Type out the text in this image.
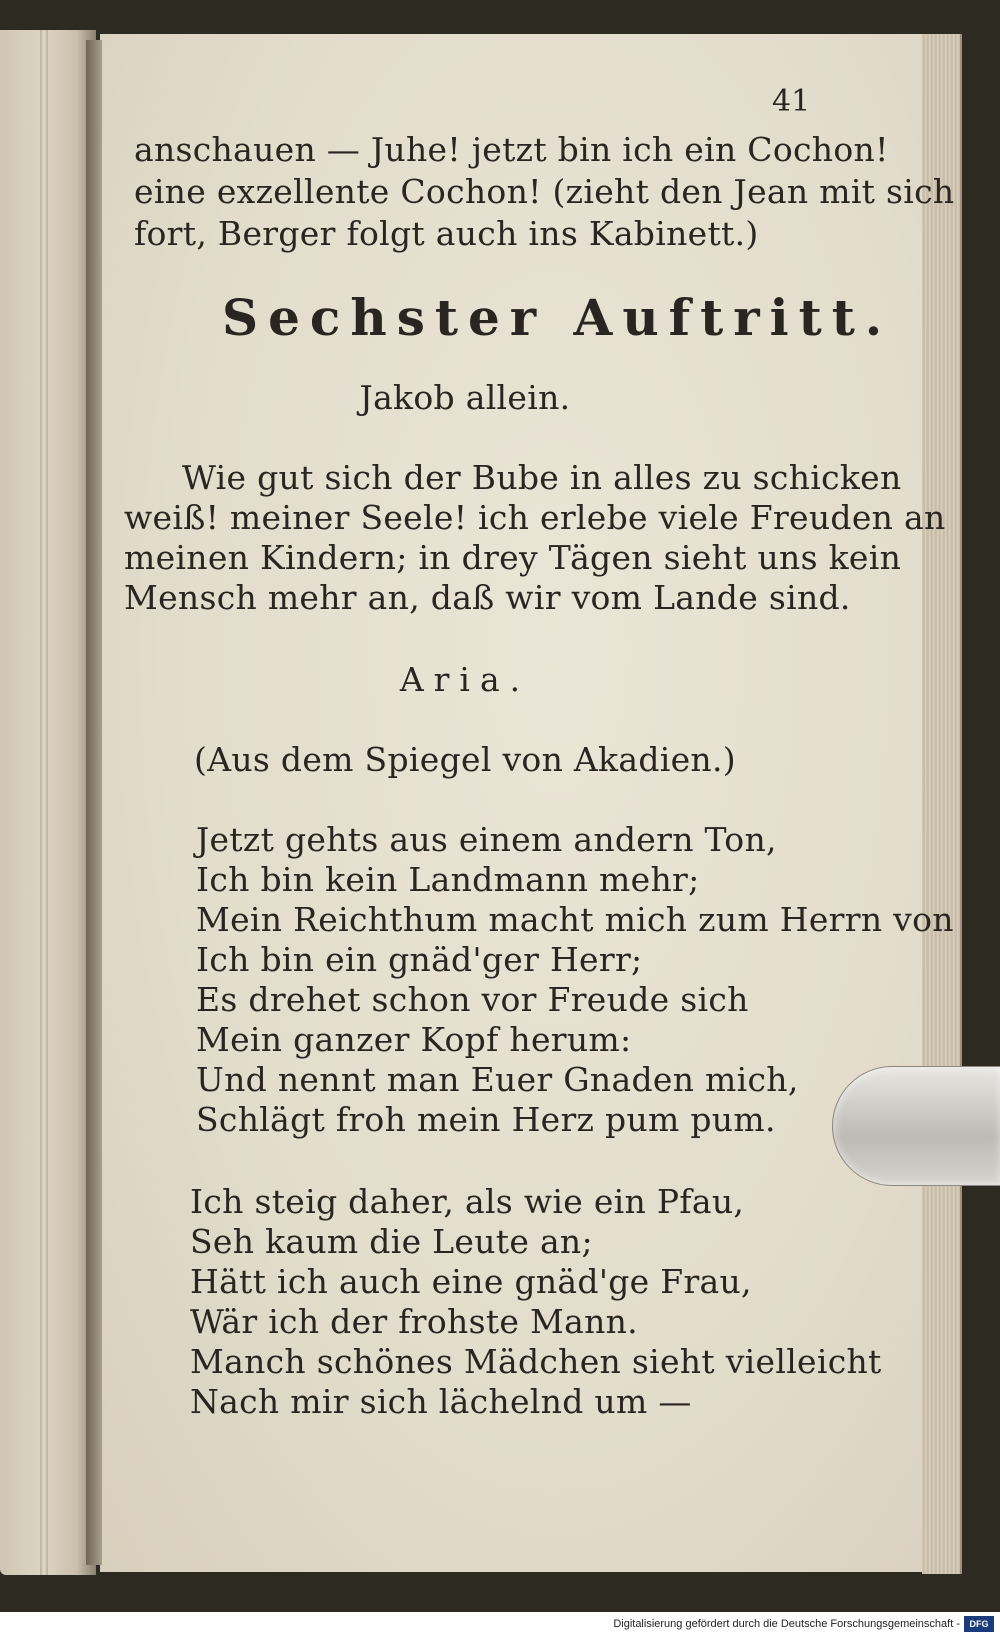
41
anschauen — Juhe! jetzt bin ich ein Cochon!
eine exzellente Cochon! (zieht den Jean mit sich
fort, Berger folgt auch ins Kabinett.)
Sechster Auftritt.
Jakob allein.
Wie gut sich der Bube in alles zu schicken
weiß! meiner Seele! ich erlebe viele Freuden an
meinen Kindern; in drey Tägen sieht uns kein
Mensch mehr an, daß wir vom Lande sind.
Aria.
(Aus dem Spiegel von Akadien.)
Jetzt gehts aus einem andern Ton,
Ich bin kein Landmann mehr;
Mein Reichthum macht mich zum Herrn von
Ich bin ein gnäd'ger Herr;
Es drehet schon vor Freude sich
Mein ganzer Kopf herum:
Und nennt man Euer Gnaden mich,
Schlägt froh mein Herz pum pum.
Ich steig daher, als wie ein Pfau,
Seh kaum die Leute an;
Hätt ich auch eine gnäd'ge Frau,
Wär ich der frohste Mann.
Manch schönes Mädchen sieht vielleicht
Nach mir sich lächelnd um —
Digitalisierung gefördert durch die Deutsche Forschungsgemeinschaft -	DFG
